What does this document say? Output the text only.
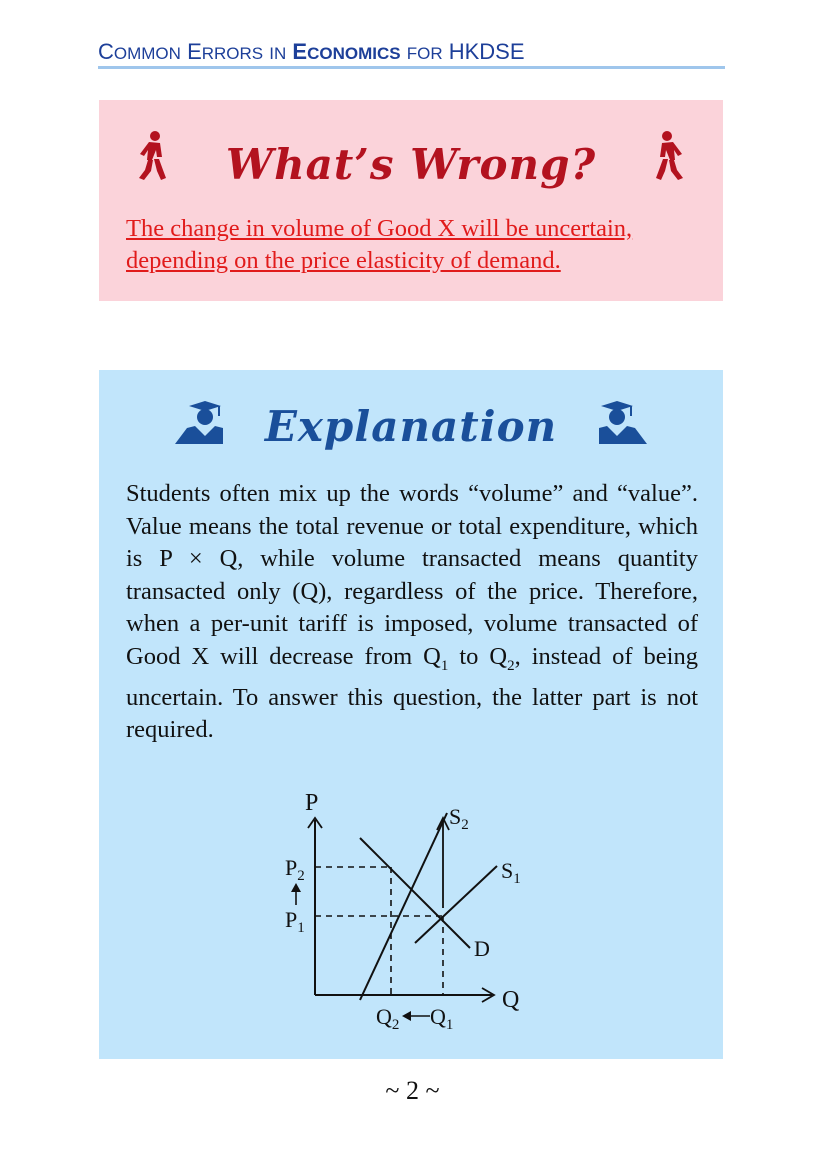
COMMON ERRORS IN ECONOMICS FOR HKDSE
What’s Wrong?
The change in volume of Good X will be uncertain, depending on the price elasticity of demand.
Explanation
Students often mix up the words “volume” and “value”. Value means the total revenue or total expenditure, which is P × Q, while volume transacted means quantity transacted only (Q), regardless of the price. Therefore, when a per-unit tariff is imposed, volume transacted of Good X will decrease from $Q_1$ to $Q_2$, instead of being uncertain. To answer this question, the latter part is not required.
P
Q
$S_2$
$S_1$
D
$P_2$
$P_1$
$Q_2$ $Q_1$
~ 2 ~
